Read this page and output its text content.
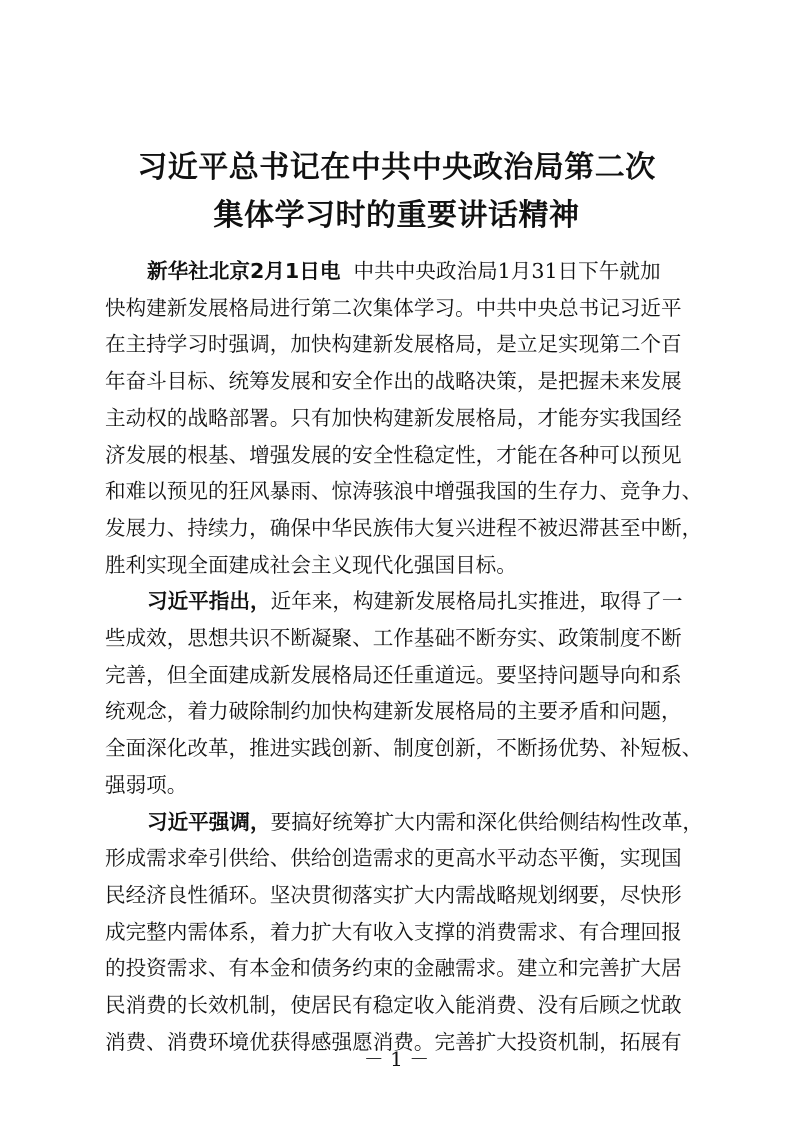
习近平总书记在中共中央政治局第二次
集体学习时的重要讲话精神
新华社北京2月1日电  中共中央政治局1月31日下午就加
快构建新发展格局进行第二次集体学习。中共中央总书记习近平
在主持学习时强调，加快构建新发展格局，是立足实现第二个百
年奋斗目标、统筹发展和安全作出的战略决策，是把握未来发展
主动权的战略部署。只有加快构建新发展格局，才能夯实我国经
济发展的根基、增强发展的安全性稳定性，才能在各种可以预见
和难以预见的狂风暴雨、惊涛骇浪中增强我国的生存力、竞争力、
发展力、持续力，确保中华民族伟大复兴进程不被迟滞甚至中断，
胜利实现全面建成社会主义现代化强国目标。
习近平指出，近年来，构建新发展格局扎实推进，取得了一
些成效，思想共识不断凝聚、工作基础不断夯实、政策制度不断
完善，但全面建成新发展格局还任重道远。要坚持问题导向和系
统观念，着力破除制约加快构建新发展格局的主要矛盾和问题，
全面深化改革，推进实践创新、制度创新，不断扬优势、补短板、
强弱项。
习近平强调，要搞好统筹扩大内需和深化供给侧结构性改革，
形成需求牵引供给、供给创造需求的更高水平动态平衡，实现国
民经济良性循环。坚决贯彻落实扩大内需战略规划纲要，尽快形
成完整内需体系，着力扩大有收入支撑的消费需求、有合理回报
的投资需求、有本金和债务约束的金融需求。建立和完善扩大居
民消费的长效机制，使居民有稳定收入能消费、没有后顾之忧敢
消费、消费环境优获得感强愿消费。完善扩大投资机制，拓展有
－ 1 －
